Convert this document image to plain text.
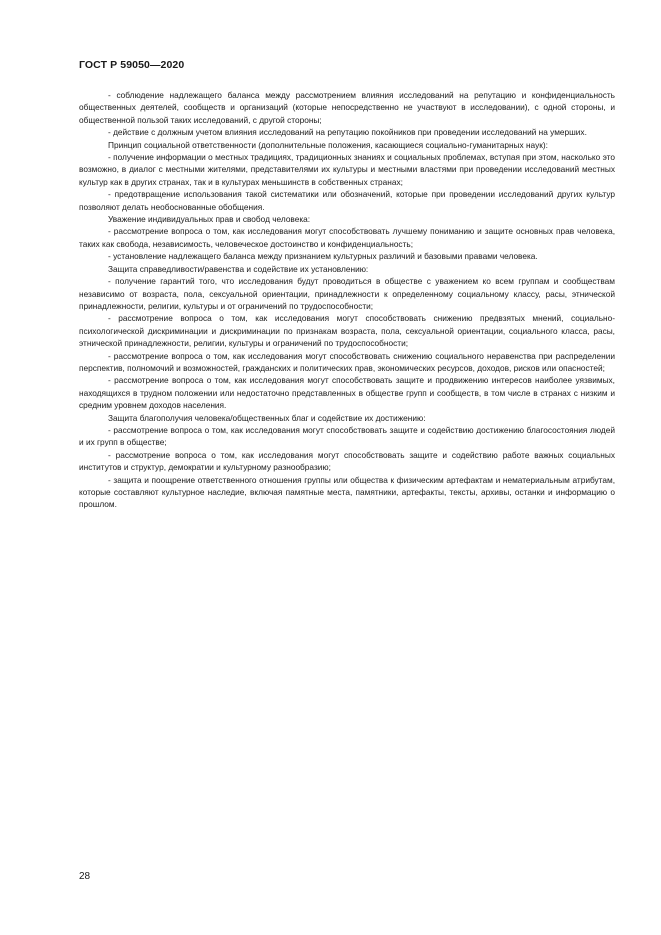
ГОСТ Р 59050—2020

- соблюдение надлежащего баланса между рассмотрением влияния исследований на репутацию и конфиденциальность общественных деятелей, сообществ и организаций (которые непосредственно не участвуют в исследовании), с одной стороны, и общественной пользой таких исследований, с другой стороны;

- действие с должным учетом влияния исследований на репутацию покойников при проведении исследований на умерших.

Принцип социальной ответственности (дополнительные положения, касающиеся социально-гуманитарных наук):

- получение информации о местных традициях, традиционных знаниях и социальных проблемах, вступая при этом, насколько это возможно, в диалог с местными жителями, представителями их культуры и местными властями при проведении исследований местных культур как в других странах, так и в культурах меньшинств в собственных странах;

- предотвращение использования такой систематики или обозначений, которые при проведении исследований других культур позволяют делать необоснованные обобщения.

Уважение индивидуальных прав и свобод человека:

- рассмотрение вопроса о том, как исследования могут способствовать лучшему пониманию и защите основных прав человека, таких как свобода, независимость, человеческое достоинство и конфиденциальность;

- установление надлежащего баланса между признанием культурных различий и базовыми правами человека.

Защита справедливости/равенства и содействие их установлению:

- получение гарантий того, что исследования будут проводиться в обществе с уважением ко всем группам и сообществам независимо от возраста, пола, сексуальной ориентации, принадлежности к определенному социальному классу, расы, этнической принадлежности, религии, культуры и от ограничений по трудоспособности;

- рассмотрение вопроса о том, как исследования могут способствовать снижению предвзятых мнений, социально-психологической дискриминации и дискриминации по признакам возраста, пола, сексуальной ориентации, социального класса, расы, этнической принадлежности, религии, культуры и ограничений по трудоспособности;

- рассмотрение вопроса о том, как исследования могут способствовать снижению социального неравенства при распределении перспектив, полномочий и возможностей, гражданских и политических прав, экономических ресурсов, доходов, рисков или опасностей;

- рассмотрение вопроса о том, как исследования могут способствовать защите и продвижению интересов наиболее уязвимых, находящихся в трудном положении или недостаточно представленных в обществе групп и сообществ, в том числе в странах с низким и средним уровнем доходов населения.

Защита благополучия человека/общественных благ и содействие их достижению:

- рассмотрение вопроса о том, как исследования могут способствовать защите и содействию достижению благосостояния людей и их групп в обществе;

- рассмотрение вопроса о том, как исследования могут способствовать защите и содействию работе важных социальных институтов и структур, демократии и культурному разнообразию;

- защита и поощрение ответственного отношения группы или общества к физическим артефактам и нематериальным атрибутам, которые составляют культурное наследие, включая памятные места, памятники, артефакты, тексты, архивы, останки и информацию о прошлом.

28
